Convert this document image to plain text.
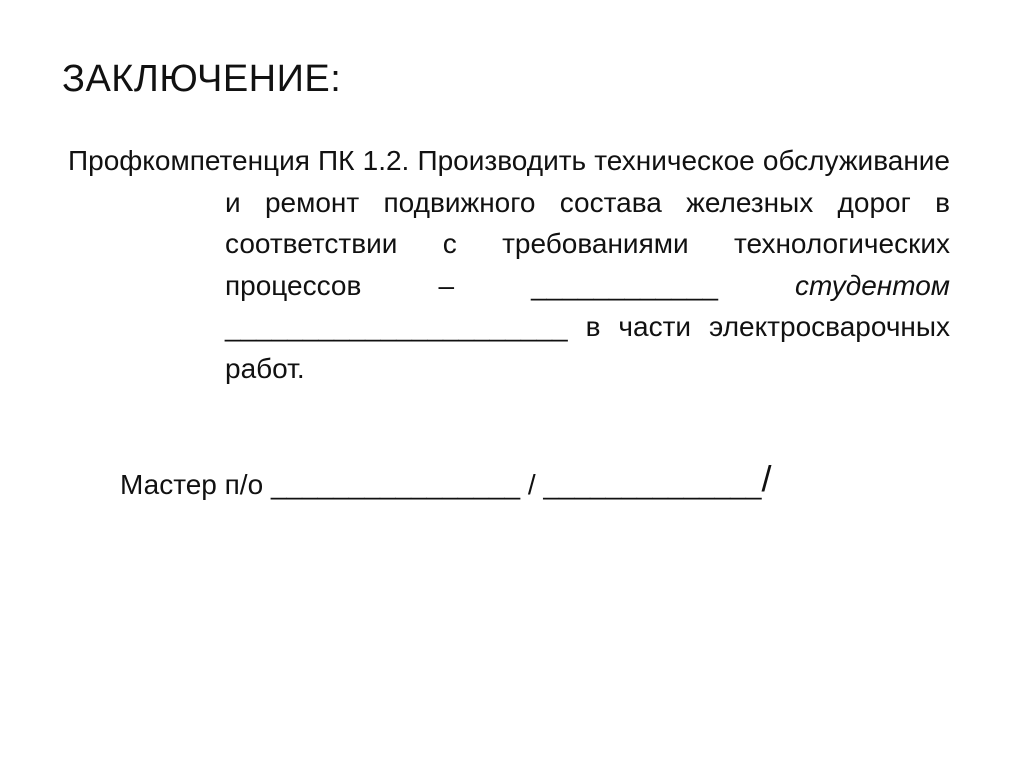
ЗАКЛЮЧЕНИЕ:

Профкомпетенция ПК 1.2. Производить техническое обслуживание и ремонт подвижного состава железных дорог в соответствии с требованиями технологических процессов – ____________ студентом ______________________ в части электросварочных работ.

Мастер п/о ________________ / ______________/
